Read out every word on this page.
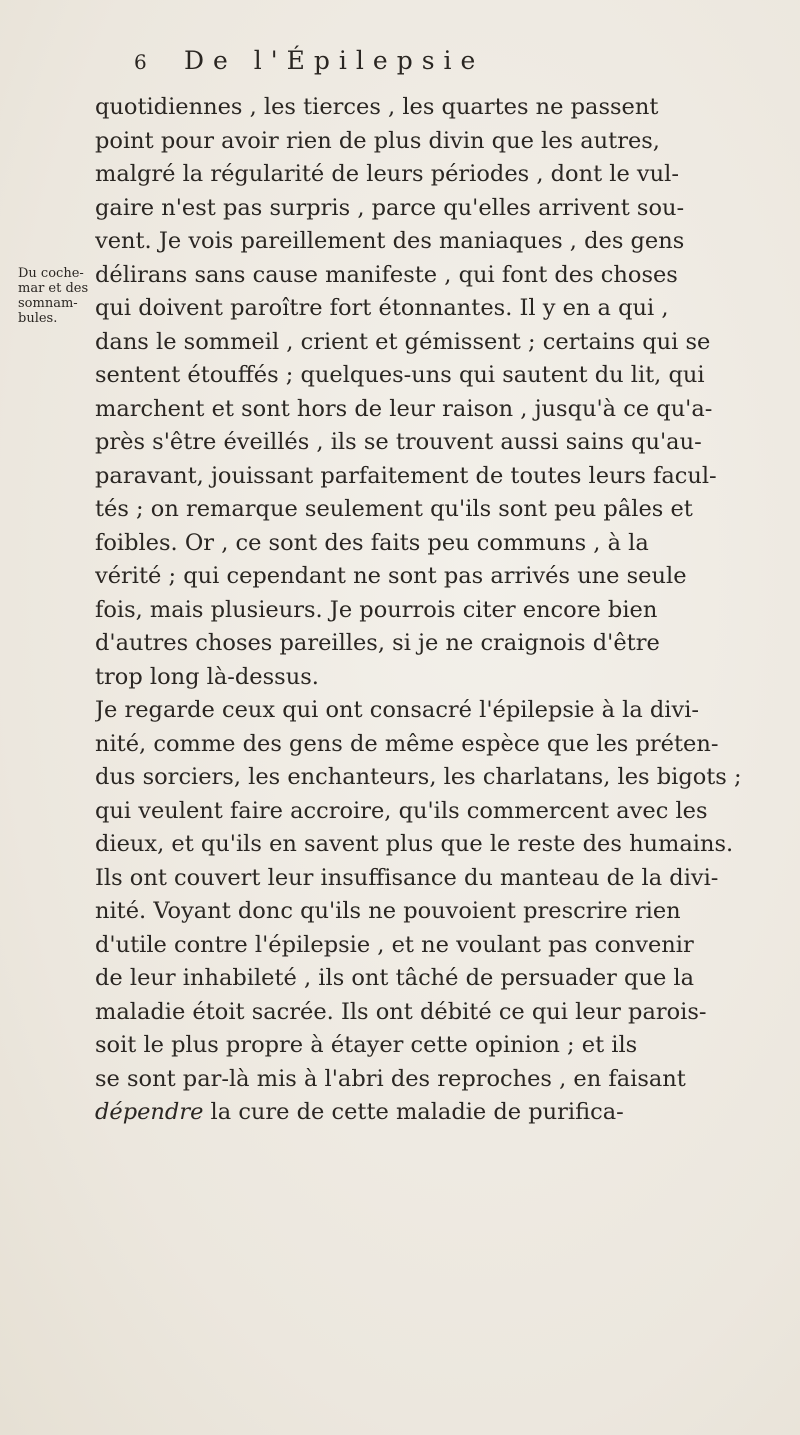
6 De l'Épilepsie
Du coche-
mar et des
somnam-
bules.
quotidiennes , les tierces , les quartes ne passent
point pour avoir rien de plus divin que les autres,
malgré la régularité de leurs périodes , dont le vul-
gaire n'est pas surpris , parce qu'elles arrivent sou-
vent. Je vois pareillement des maniaques , des gens
délirans sans cause manifeste , qui font des choses
qui doivent paroître fort étonnantes. Il y en a qui ,
dans le sommeil , crient et gémissent ; certains qui se
sentent étouffés ; quelques-uns qui sautent du lit, qui
marchent et sont hors de leur raison , jusqu'à ce qu'a-
près s'être éveillés , ils se trouvent aussi sains qu'au-
paravant, jouissant parfaitement de toutes leurs facul-
tés ; on remarque seulement qu'ils sont peu pâles et
foibles. Or , ce sont des faits peu communs , à la
vérité ; qui cependant ne sont pas arrivés une seule
fois, mais plusieurs. Je pourrois citer encore bien
d'autres choses pareilles, si je ne craignois d'être
trop long là-dessus.
Je regarde ceux qui ont consacré l'épilepsie à la divi-
nité, comme des gens de même espèce que les préten-
dus sorciers, les enchanteurs, les charlatans, les bigots ;
qui veulent faire accroire, qu'ils commercent avec les
dieux, et qu'ils en savent plus que le reste des humains.
Ils ont couvert leur insuffisance du manteau de la divi-
nité. Voyant donc qu'ils ne pouvoient prescrire rien
d'utile contre l'épilepsie , et ne voulant pas convenir
de leur inhabileté , ils ont tâché de persuader que la
maladie étoit sacrée. Ils ont débité ce qui leur parois-
soit le plus propre à étayer cette opinion ; et ils
se sont par-là mis à l'abri des reproches , en faisant
dépendre la cure de cette maladie de purifica-
